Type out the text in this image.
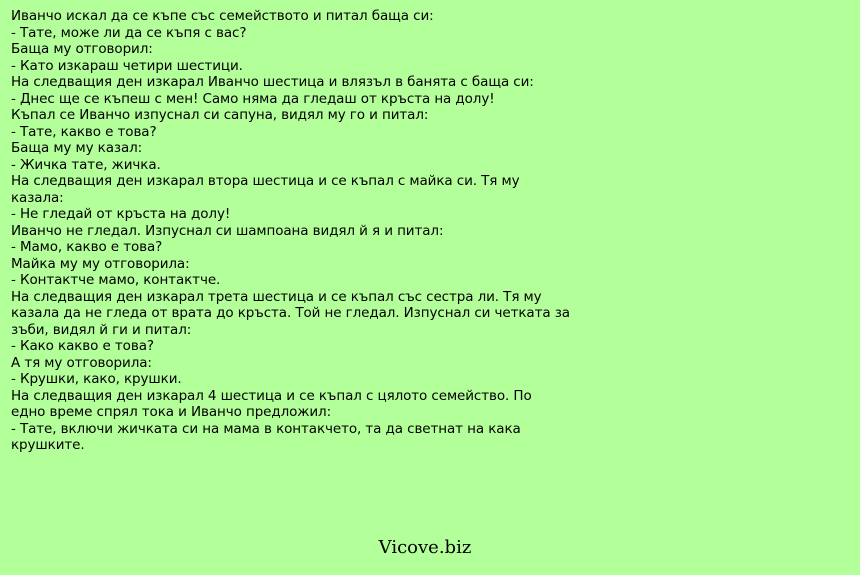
Иванчо искал да се къпе със семейството и питал баща си:
- Тате, може ли да се къпя с вас?
Баща му отговорил:
- Като изкараш четири шестици.
На следващия ден изкарал Иванчо шестица и влязъл в банята с баща си:
- Днес ще се къпеш с мен! Само няма да гледаш от кръста на долу!
Къпал се Иванчо изпуснал си сапуна, видял му го и питал:
- Тате, какво е това?
Баща му му казал:
- Жичка тате, жичка.
На следващия ден изкарал втора шестица и се къпал с майка си. Тя му
казала:
- Не гледай от кръста на долу!
Иванчо не гледал. Изпуснал си шампоана видял й я и питал:
- Мамо, какво е това?
Майка му му отговорила:
- Контактче мамо, контактче.
На следващия ден изкарал трета шестица и се къпал със сестра ли. Тя му
казала да не гледа от врата до кръста. Той не гледал. Изпуснал си четката за
зъби, видял й ги и питал:
- Како какво е това?
А тя му отговорила:
- Крушки, како, крушки.
На следващия ден изкарал 4 шестица и се къпал с цялото семейство. По
едно време спрял тока и Иванчо предложил:
- Тате, включи жичката си на мама в контакчето, та да светнат на кака
крушките.
Vicove.biz
